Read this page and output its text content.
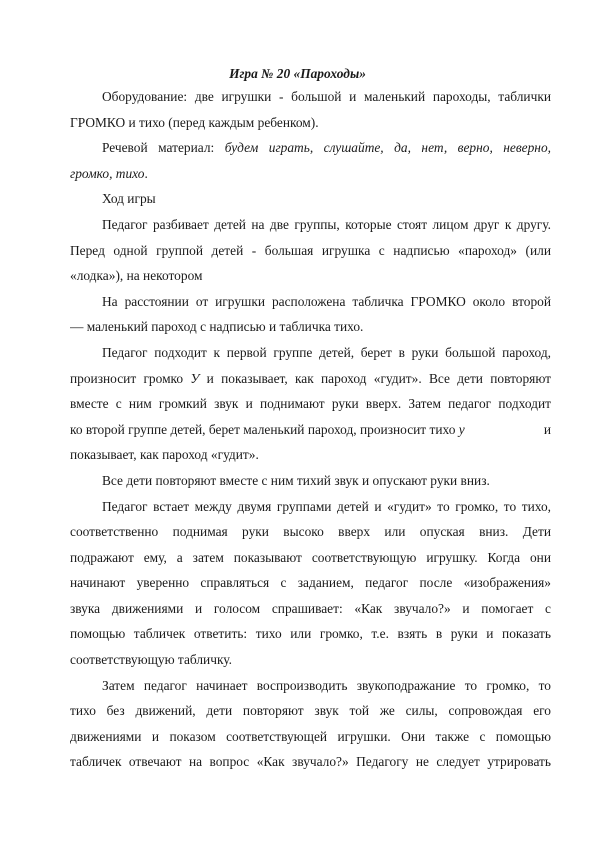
Игра № 20 «Пароходы»
Оборудование: две игрушки - большой и маленький пароходы, таблички
ГРОМКО и тихо (перед каждым ребенком).
Речевой материал: будем играть, слушайте, да, нет, верно, неверно,
громко, тихо.
Ход игры
Педагог разбивает детей на две группы, которые стоят лицом друг к другу.
Перед одной группой детей - большая игрушка с надписью «пароход» (или
«лодка»), на некотором
На расстоянии от игрушки расположена табличка ГРОМКО около второй
— маленький пароход с надписью и табличка тихо.
Педагог подходит к первой группе детей, берет в руки большой пароход,
произносит громко У и показывает, как пароход «гудит». Все дети повторяют
вместе с ним громкий звук и поднимают руки вверх. Затем педагог подходит
ко второй группе детей, берет маленький пароход, произносит тихо у	и
показывает, как пароход «гудит».
Все дети повторяют вместе с ним тихий звук и опускают руки вниз.
Педагог встает между двумя группами детей и «гудит» то громко, то тихо,
соответственно поднимая руки высоко вверх или опуская вниз. Дети
подражают ему, а затем показывают соответствующую игрушку. Когда они
начинают уверенно справляться с заданием, педагог после «изображения»
звука движениями и голосом спрашивает: «Как звучало?» и помогает с
помощью табличек ответить: тихо или громко, т.е. взять в руки и показать
соответствующую табличку.
Затем педагог начинает воспроизводить звукоподражание то громко, то
тихо без движений, дети повторяют звук той же силы, сопровождая его
движениями и показом соответствующей игрушки. Они также с помощью
табличек отвечают на вопрос «Как звучало?» Педагогу не следует утрировать
